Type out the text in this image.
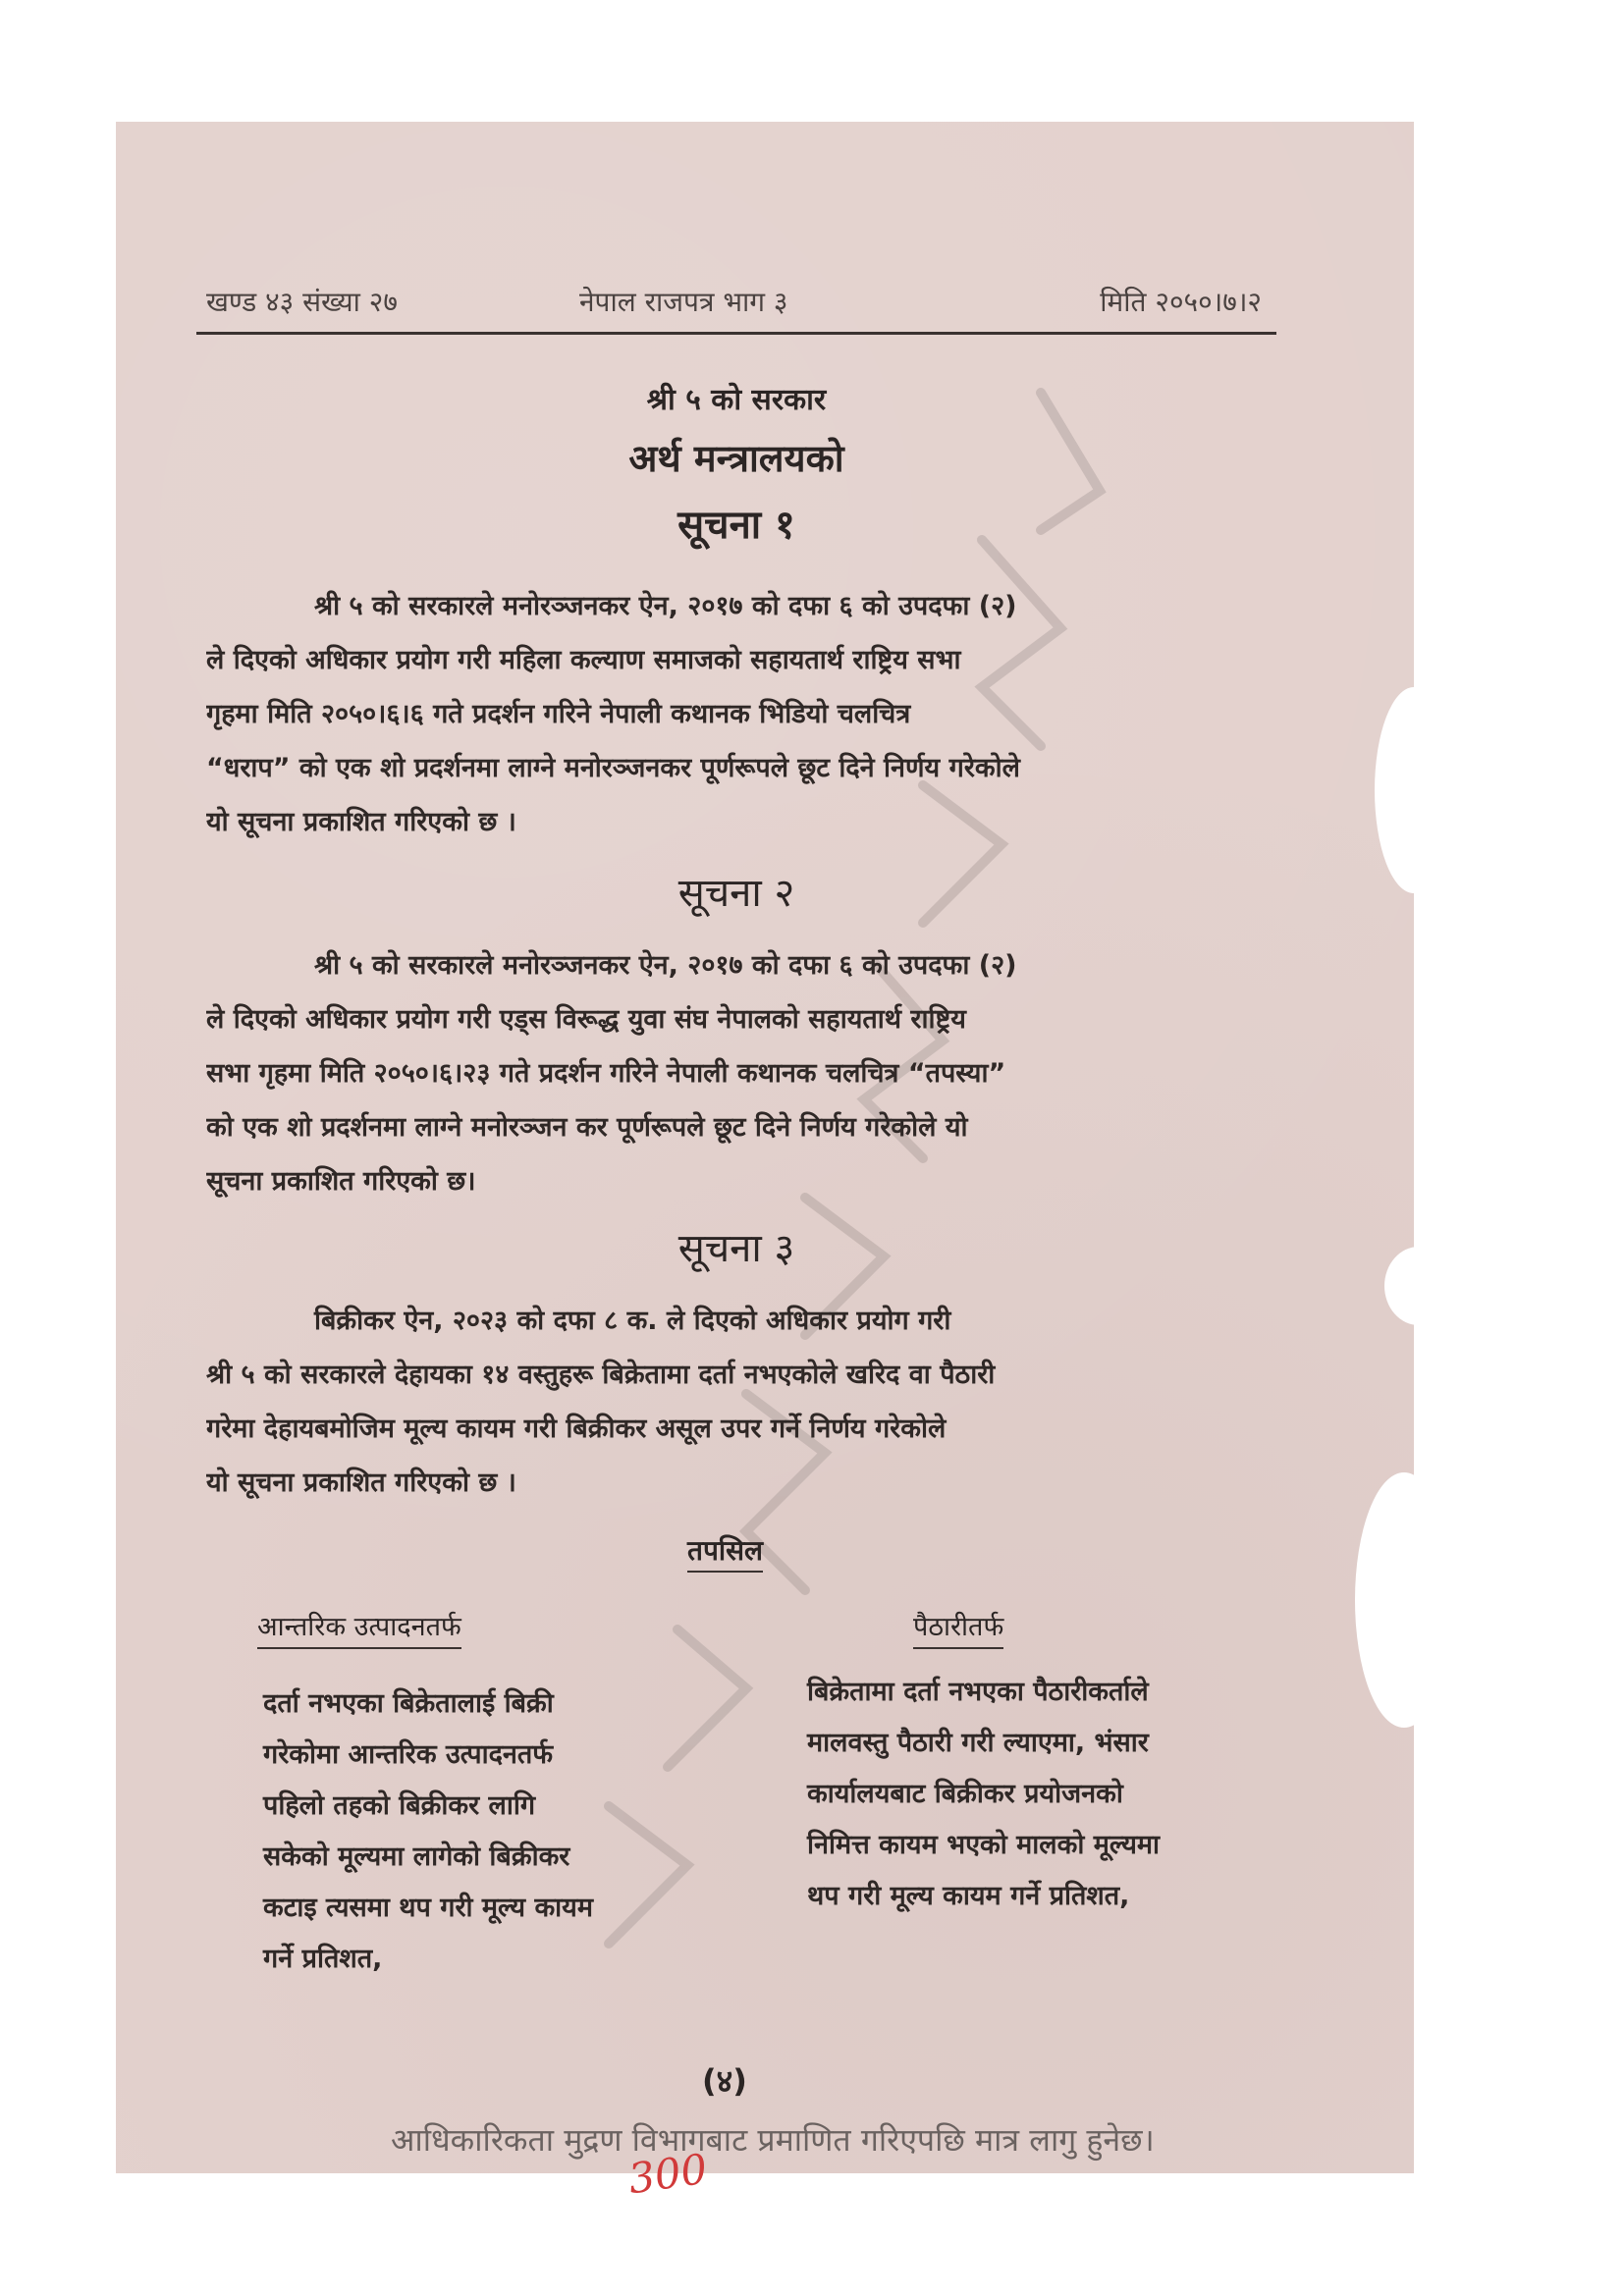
खण्ड ४३ संख्या २७	नेपाल राजपत्र भाग ३	मिति २०५०।७।२
श्री ५ को सरकार
अर्थ मन्त्रालयको
सूचना १
श्री ५ को सरकारले मनोरञ्जनकर ऐन, २०१७ को दफा ६ को उपदफा (२)
ले दिएको अधिकार प्रयोग गरी महिला कल्याण समाजको सहायतार्थ राष्ट्रिय सभा
गृहमा मिति २०५०।६।६ गते प्रदर्शन गरिने नेपाली कथानक भिडियो चलचित्र
“धराप” को एक शो प्रदर्शनमा लाग्ने मनोरञ्जनकर पूर्णरूपले छूट दिने निर्णय गरेकोले
यो सूचना प्रकाशित गरिएको छ ।
सूचना २
श्री ५ को सरकारले मनोरञ्जनकर ऐन, २०१७ को दफा ६ को उपदफा (२)
ले दिएको अधिकार प्रयोग गरी एड्स विरूद्ध युवा संघ नेपालको सहायतार्थ राष्ट्रिय
सभा गृहमा मिति २०५०।६।२३ गते प्रदर्शन गरिने नेपाली कथानक चलचित्र “तपस्या”
को एक शो प्रदर्शनमा लाग्ने मनोरञ्जन कर पूर्णरूपले छूट दिने निर्णय गरेकोले यो
सूचना प्रकाशित गरिएको छ।
सूचना ३
बिक्रीकर ऐन, २०२३ को दफा ८ क. ले दिएको अधिकार प्रयोग गरी
श्री ५ को सरकारले देहायका १४ वस्तुहरू बिक्रेतामा दर्ता नभएकोले खरिद वा पैठारी
गरेमा देहायबमोजिम मूल्य कायम गरी बिक्रीकर असूल उपर गर्ने निर्णय गरेकोले
यो सूचना प्रकाशित गरिएको छ ।
तपसिल
आन्तरिक उत्पादनतर्फ	पैठारीतर्फ
दर्ता नभएका बिक्रेतालाई बिक्री
गरेकोमा आन्तरिक उत्पादनतर्फ
पहिलो तहको बिक्रीकर लागि
सकेको मूल्यमा लागेको बिक्रीकर
कटाइ त्यसमा थप गरी मूल्य कायम
गर्ने प्रतिशत,
बिक्रेतामा दर्ता नभएका पैठारीकर्ताले
मालवस्तु पैठारी गरी ल्याएमा, भंसार
कार्यालयबाट बिक्रीकर प्रयोजनको
निमित्त कायम भएको मालको मूल्यमा
थप गरी मूल्य कायम गर्ने प्रतिशत,
(४)
आधिकारिकता मुद्रण विभागबाट प्रमाणित गरिएपछि मात्र लागु हुनेछ।
300
